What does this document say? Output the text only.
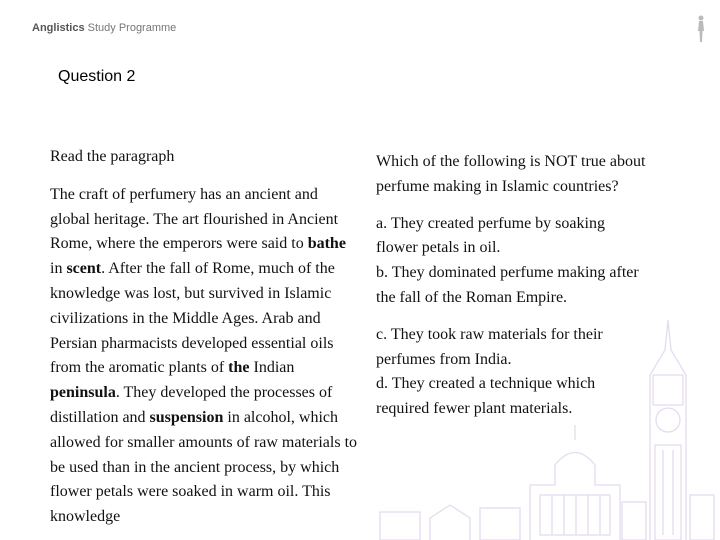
Anglistics Study Programme
Question 2

Read the paragraph

The craft of perfumery has an ancient and global heritage. The art flourished in Ancient Rome, where the emperors were said to bathe in scent. After the fall of Rome, much of the knowledge was lost, but survived in Islamic civilizations in the Middle Ages. Arab and Persian pharmacists developed essential oils from the aromatic plants of the Indian peninsula. They developed the processes of distillation and suspension in alcohol, which allowed for smaller amounts of raw materials to be used than in the ancient process, by which flower petals were soaked in warm oil. This knowledge

Which of the following is NOT true about perfume making in Islamic countries?

a. They created perfume by soaking flower petals in oil.

b. They dominated perfume making after the fall of the Roman Empire.

c. They took raw materials for their perfumes from India.

d. They created a technique which required fewer plant materials.
